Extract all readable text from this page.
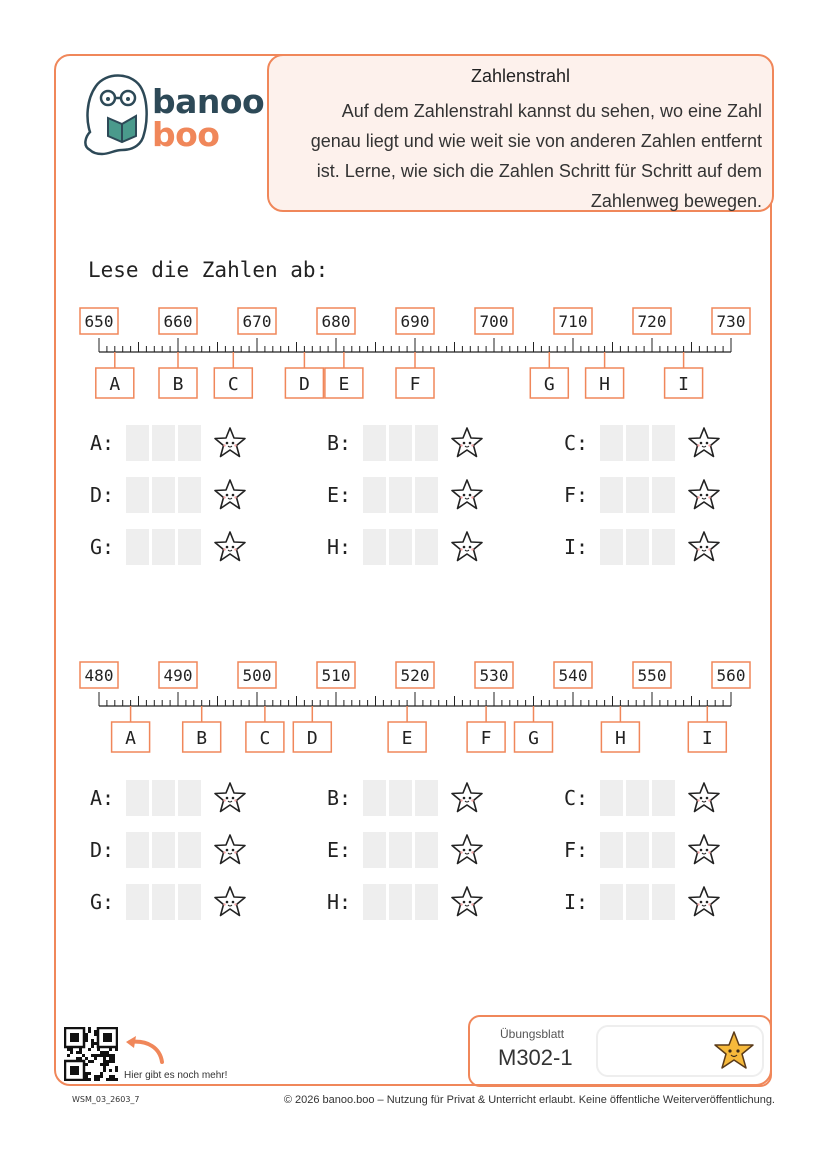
banoo
boo
Zahlenstrahl

Auf dem Zahlenstrahl kannst du sehen, wo eine Zahl genau liegt und wie weit sie von anderen Zahlen entfernt ist. Lerne, wie sich die Zahlen Schritt für Schritt auf dem Zahlenweg bewegen.

Lese die Zahlen ab:
650	660	670	680	690	700	710	720	730
A	B C	D E	F	G H	I
A:	B:	C:
D:	E:	F:
G:	H:	I:
480	490	500	510	520	530	540	550	560
A	B	C D	E	F G	H	I
A:	B:	C:
D:	E:	F:
G:	H:	I:
Hier gibt es noch mehr!
Übungsblatt
M302-1
WSM_03_2603_7	© 2026 banoo.boo – Nutzung für Privat & Unterricht erlaubt. Keine öffentliche Weiterveröffentlichung.
